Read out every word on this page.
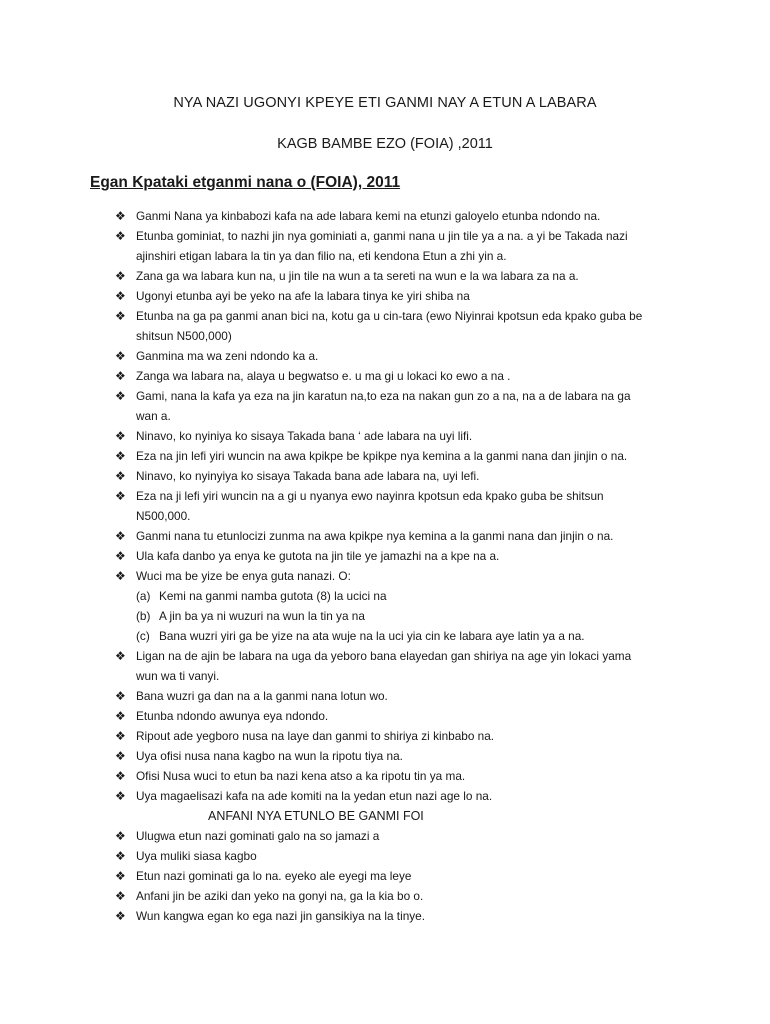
NYA NAZI UGONYI KPEYE ETI GANMI NAY A ETUN A LABARA
KAGB BAMBE EZO (FOIA) ,2011
Egan Kpataki etganmi nana o (FOIA), 2011
❖ Ganmi Nana ya kinbabozi kafa na ade labara kemi na etunzi galoyelo etunba ndondo na.
❖ Etunba gominiat, to nazhi jin nya gominiati a, ganmi nana u jin tile ya a na. a yi be Takada nazi
ajinshiri etigan labara la tin ya dan filio na, eti kendona Etun a zhi yin a.
❖ Zana ga wa labara kun na, u jin tile na wun a ta sereti na wun e la wa labara za na a.
❖ Ugonyi etunba ayi be yeko na afe la labara tinya ke yiri shiba na
❖ Etunba na ga pa ganmi anan bici na, kotu ga u cin-tara (ewo Niyinrai kpotsun eda kpako guba be
shitsun N500,000)
❖ Ganmina ma wa zeni ndondo ka a.
❖ Zanga wa labara na, alaya u begwatso e. u ma gi u lokaci ko ewo a na .
❖ Gami, nana la kafa ya eza na jin karatun na,to eza na nakan gun zo a na, na a de labara na ga
wan a.
❖ Ninavo, ko nyiniya ko sisaya Takada bana ‘ ade labara na uyi lifi.
❖ Eza na jin lefi yiri wuncin na awa kpikpe be kpikpe nya kemina a la ganmi nana dan jinjin o na.
❖ Ninavo, ko nyinyiya ko sisaya Takada bana ade labara na, uyi lefi.
❖ Eza na ji lefi yiri wuncin na a gi u nyanya ewo nayinra kpotsun eda kpako guba be shitsun
N500,000.
❖ Ganmi nana tu etunlocizi zunma na awa kpikpe nya kemina a la ganmi nana dan jinjin o na.
❖ Ula kafa danbo ya enya ke gutota na jin tile ye jamazhi na a kpe na a.
❖ Wuci ma be yize be enya guta nanazi. O:
(a) Kemi na ganmi namba gutota (8) la ucici na
(b) A jin ba ya ni wuzuri na wun la tin ya na
(c) Bana wuzri yiri ga be yize na ata wuje na la uci yia cin ke labara aye latin ya a na.
❖ Ligan na de ajin be labara na uga da yeboro bana elayedan gan shiriya na age yin lokaci yama
wun wa ti vanyi.
❖ Bana wuzri ga dan na a la ganmi nana lotun wo.
❖ Etunba ndondo awunya eya ndondo.
❖ Ripout ade yegboro nusa na laye dan ganmi to shiriya zi kinbabo na.
❖ Uya ofisi nusa nana kagbo na wun la ripotu tiya na.
❖ Ofisi Nusa wuci to etun ba nazi kena atso a ka ripotu tin ya ma.
❖ Uya magaelisazi kafa na ade komiti na la yedan etun nazi age lo na.
ANFANI NYA ETUNLO BE GANMI FOI
❖ Ulugwa etun nazi gominati galo na so jamazi a
❖ Uya muliki siasa kagbo
❖ Etun nazi gominati ga lo na. eyeko ale eyegi ma leye
❖ Anfani jin be aziki dan yeko na gonyi na, ga la kia bo o.
❖ Wun kangwa egan ko ega nazi jin gansikiya na la tinye.
